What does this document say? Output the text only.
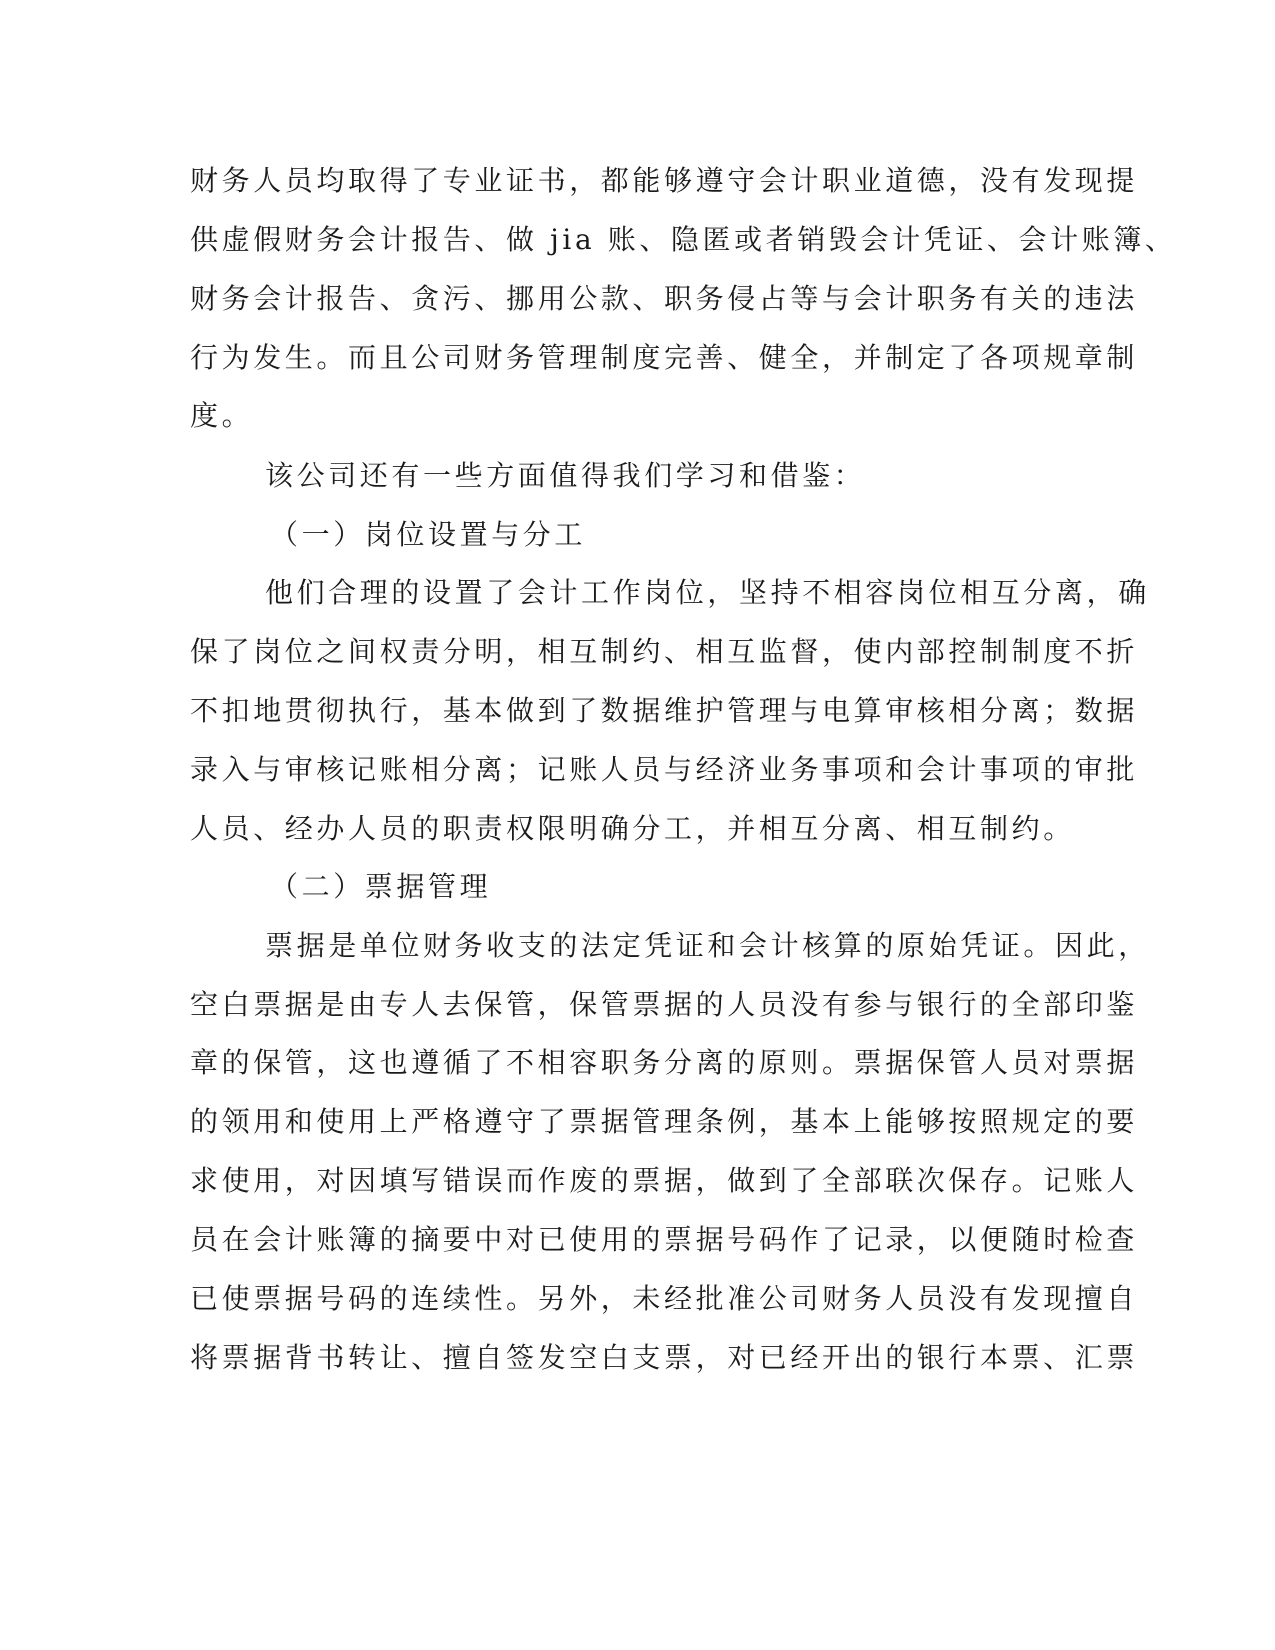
财务人员均取得了专业证书，都能够遵守会计职业道德，没有发现提

供虚假财务会计报告、做 jia 账、隐匿或者销毁会计凭证、会计账簿、

财务会计报告、贪污、挪用公款、职务侵占等与会计职务有关的违法

行为发生。而且公司财务管理制度完善、健全，并制定了各项规章制

度。

该公司还有一些方面值得我们学习和借鉴：

（一）岗位设置与分工

他们合理的设置了会计工作岗位，坚持不相容岗位相互分离，确

保了岗位之间权责分明，相互制约、相互监督，使内部控制制度不折

不扣地贯彻执行，基本做到了数据维护管理与电算审核相分离；数据

录入与审核记账相分离；记账人员与经济业务事项和会计事项的审批

人员、经办人员的职责权限明确分工，并相互分离、相互制约。

（二）票据管理

票据是单位财务收支的法定凭证和会计核算的原始凭证。因此，

空白票据是由专人去保管，保管票据的人员没有参与银行的全部印鉴

章的保管，这也遵循了不相容职务分离的原则。票据保管人员对票据

的领用和使用上严格遵守了票据管理条例，基本上能够按照规定的要

求使用，对因填写错误而作废的票据，做到了全部联次保存。记账人

员在会计账簿的摘要中对已使用的票据号码作了记录，以便随时检查

已使票据号码的连续性。另外，未经批准公司财务人员没有发现擅自

将票据背书转让、擅自签发空白支票，对已经开出的银行本票、汇票
